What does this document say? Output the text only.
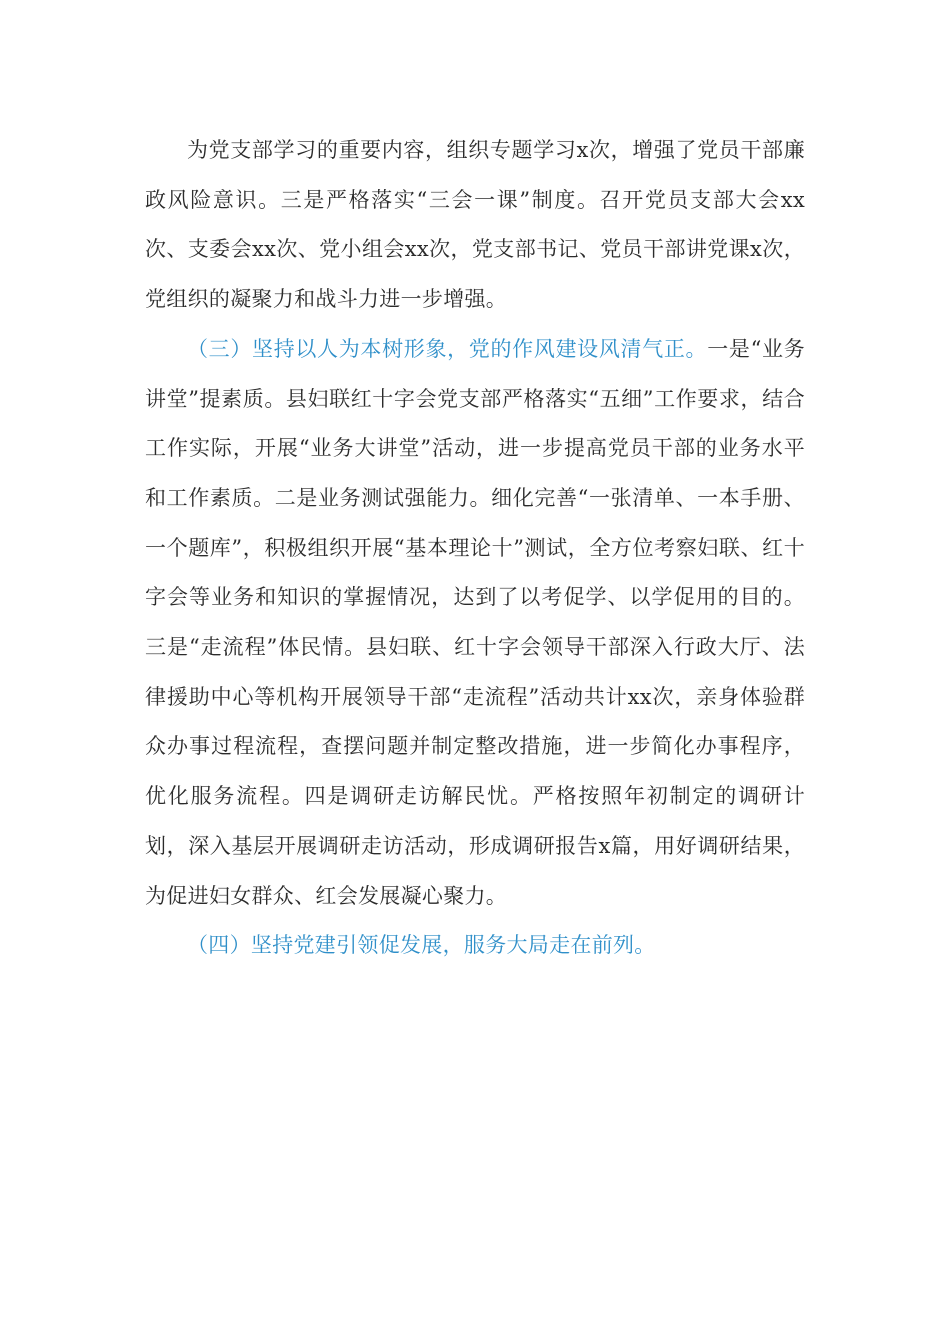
为党支部学习的重要内容，组织专题学习x次，增强了党员干部廉政风险意识。三是严格落实“三会一课”制度。召开党员支部大会xx次、支委会xx次、党小组会xx次，党支部书记、党员干部讲党课x次，党组织的凝聚力和战斗力进一步增强。

（三）坚持以人为本树形象，党的作风建设风清气正。一是“业务讲堂”提素质。县妇联红十字会党支部严格落实“五细”工作要求，结合工作实际，开展“业务大讲堂”活动，进一步提高党员干部的业务水平和工作素质。二是业务测试强能力。细化完善“一张清单、一本手册、一个题库”，积极组织开展“基本理论十”测试，全方位考察妇联、红十字会等业务和知识的掌握情况，达到了以考促学、以学促用的目的。三是“走流程”体民情。县妇联、红十字会领导干部深入行政大厅、法律援助中心等机构开展领导干部“走流程”活动共计xx次，亲身体验群众办事过程流程，查摆问题并制定整改措施，进一步简化办事程序，优化服务流程。四是调研走访解民忧。严格按照年初制定的调研计划，深入基层开展调研走访活动，形成调研报告x篇，用好调研结果，为促进妇女群众、红会发展凝心聚力。

（四）坚持党建引领促发展，服务大局走在前列。
